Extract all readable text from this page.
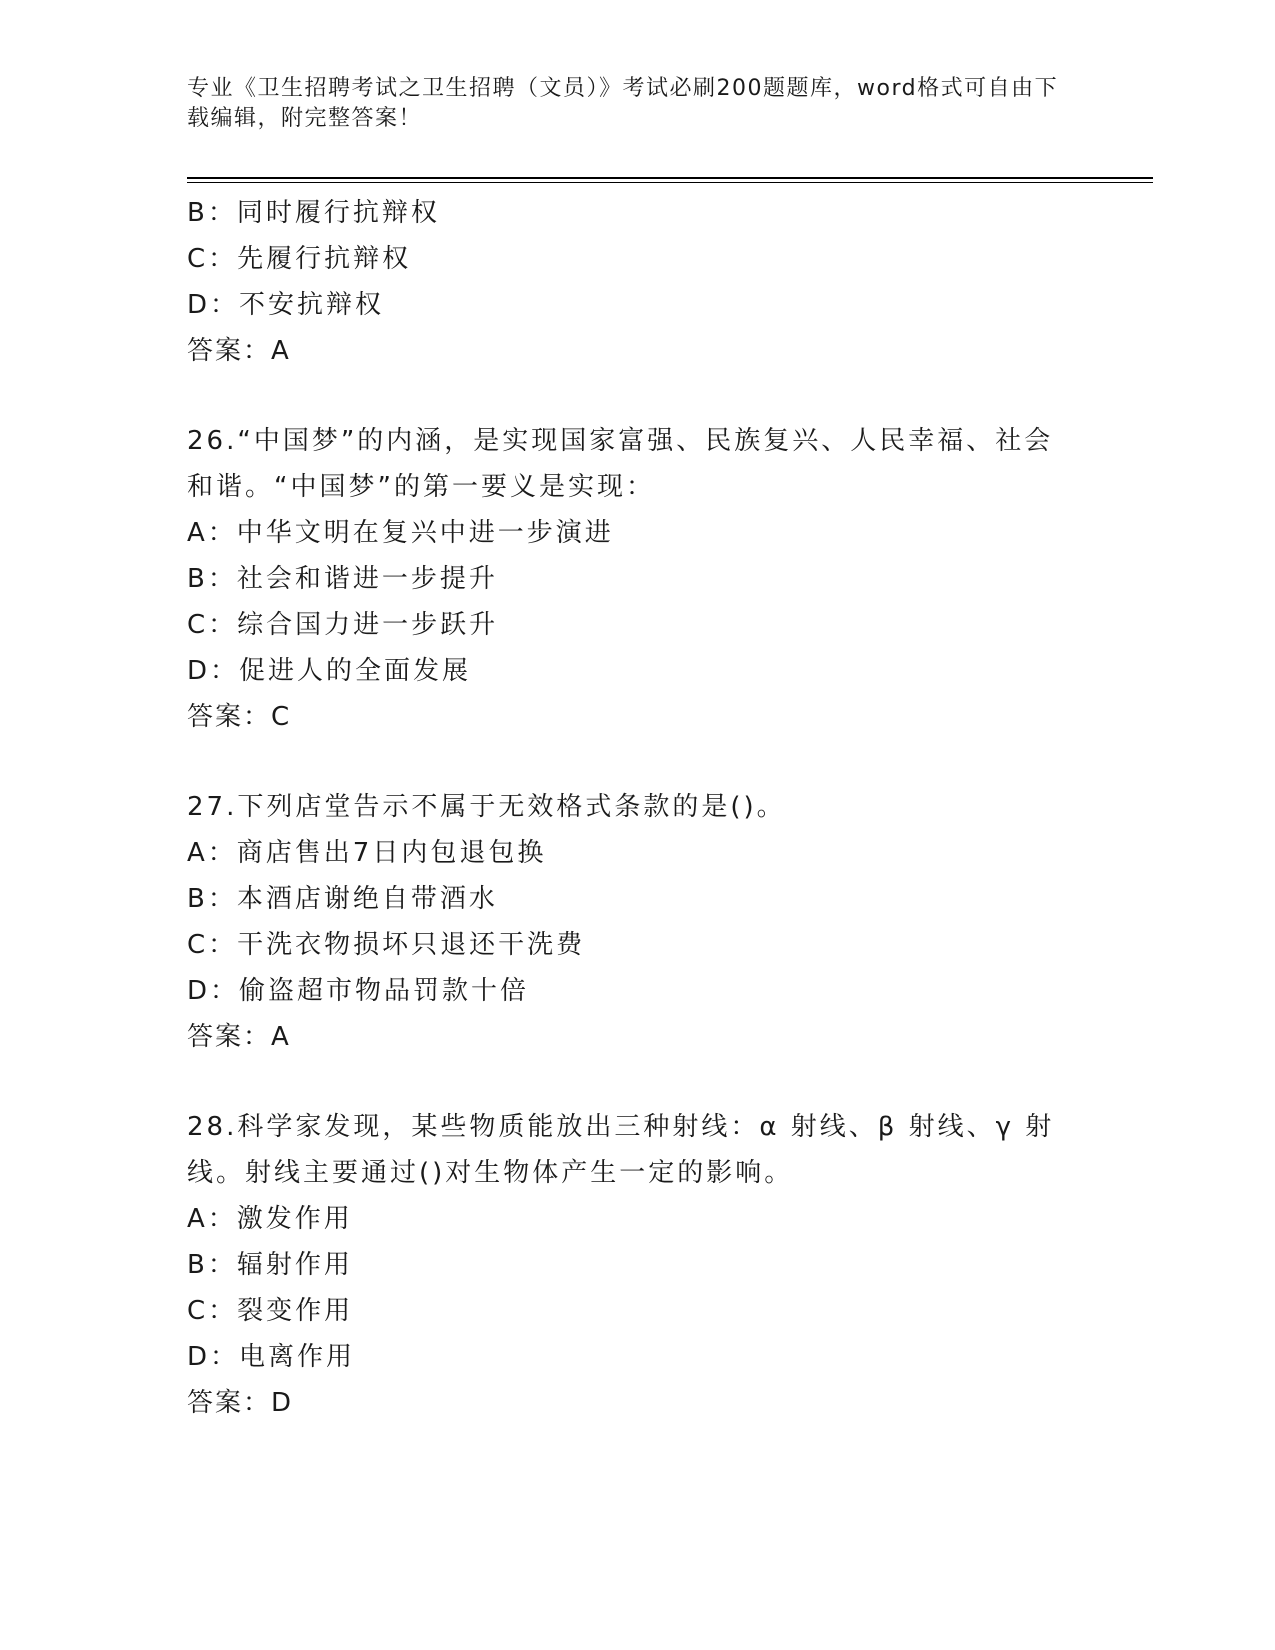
专业《卫生招聘考试之卫生招聘（文员）》考试必刷200题题库，word格式可自由下载编辑，附完整答案！
B：同时履行抗辩权
C：先履行抗辩权
D：不安抗辩权
答案：A
26.“中国梦”的内涵，是实现国家富强、民族复兴、人民幸福、社会和谐。“中国梦”的第一要义是实现：
A：中华文明在复兴中进一步演进
B：社会和谐进一步提升
C：综合国力进一步跃升
D：促进人的全面发展
答案：C
27.下列店堂告示不属于无效格式条款的是()。
A：商店售出7日内包退包换
B：本酒店谢绝自带酒水
C：干洗衣物损坏只退还干洗费
D：偷盗超市物品罚款十倍
答案：A
28.科学家发现，某些物质能放出三种射线：α 射线、β 射线、γ 射线。射线主要通过()对生物体产生一定的影响。
A：激发作用
B：辐射作用
C：裂变作用
D：电离作用
答案：D
